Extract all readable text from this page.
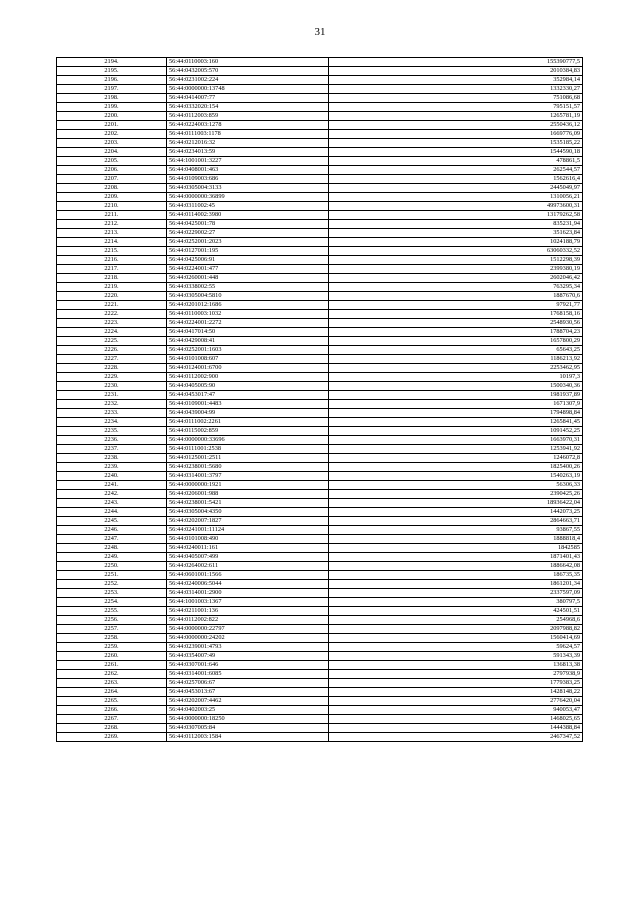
31
2194.	56:44:0110003:160	155390777,5
2195.	56:44:0432005:570	2010384,83
2196.	56:44:0231002:224	352984,14
2197.	56:44:0000000:13748	1332330,27
2198.	56:44:0414007:77	751086,68
2199.	56:44:0332020:154	795151,57
2200.	56:44:0112003:859	1265781,19
2201.	56:44:0224003:1278	2550436,12
2202.	56:44:0111003:1178	1669776,09
2203.	56:44:0212016:32	1535185,22
2204.	56:44:0234013:59	1544590,18
2205.	56:44:1001001:3227	478861,5
2206.	56:44:0408001:463	262544,57
2207.	56:44:0109003:686	1562616,4
2208.	56:44:0305004:3133	2445049,97
2209.	56:44:0000000:36899	1310056,21
2210.	56:44:0311002:45	49973600,31
2211.	56:44:0114002:3980	13179262,58
2212.	56:44:0425001:78	835231,94
2213.	56:44:0229002:27	351623,84
2214.	56:44:0252001:2023	1024188,79
2215.	56:44:0127001:195	63060332,52
2216.	56:44:0425006:91	1512298,39
2217.	56:44:0224001:477	2399380,19
2218.	56:44:0260001:448	2602046,42
2219.	56:44:0338002:55	763295,34
2220.	56:44:0305004:5810	1887670,6
2221.	56:44:0201012:1686	97921,77
2222.	56:44:0110003:1032	1768158,16
2223.	56:44:0224001:2272	2548930,56
2224.	56:44:0417014:50	1788704,23
2225.	56:44:0429008:41	1657800,29
2226.	56:44:0252001:1603	65643,25
2227.	56:44:0101008:607	1186213,92
2228.	56:44:0124001:6700	2253462,95
2229.	56:44:0112002:900	10197,3
2230.	56:44:0405005:90	1500340,36
2231.	56:44:0453017:47	1981937,89
2232.	56:44:0109001:4483	1671307,9
2233.	56:44:0439004:99	1794898,84
2234.	56:44:0111002:2261	1265841,45
2235.	56:44:0115002:859	1091452,25
2236.	56:44:0000000:33696	1663970,31
2237.	56:44:0111001:2538	1253941,92
2238.	56:44:0125001:2511	1246072,8
2239.	56:44:0238001:5680	1825400,26
2240.	56:44:0314001:3797	1540263,19
2241.	56:44:0000000:1921	56306,33
2242.	56:44:0206001:988	2390425,26
2243.	56:44:0238001:5421	18936422,04
2244.	56:44:0305004:4350	1442073,25
2245.	56:44:0202007:1827	2864663,71
2246.	56:44:0241001:11124	93867,55
2247.	56:44:0101008:490	1888818,4
2248.	56:44:0240011:161	1842585
2249.	56:44:0405007:499	1871401,43
2250.	56:44:0264002:611	1886642,08
2251.	56:44:0601001:1566	186735,35
2252.	56:44:0240006:5044	1861201,34
2253.	56:44:0314001:2900	2337597,09
2254.	56:44:1001003:1367	380797,5
2255.	56:44:0211001:136	424501,51
2256.	56:44:0112002:822	254968,6
2257.	56:44:0000000:22797	2097988,82
2258.	56:44:0000000:24202	1560414,69
2259.	56:44:0239001:4793	59624,57
2260.	56:44:0354007:49	591343,39
2261.	56:44:0307001:646	136813,38
2262.	56:44:0314001:6085	2797938,9
2263.	56:44:0257006:67	1779383,25
2264.	56:44:0453013:67	1428148,22
2265.	56:44:0202007:4462	2776420,04
2266.	56:44:0402003:25	940053,47
2267.	56:44:0000000:18250	1468025,65
2268.	56:44:0307005:84	1444388,84
2269.	56:44:0112003:1584	2467347,52
